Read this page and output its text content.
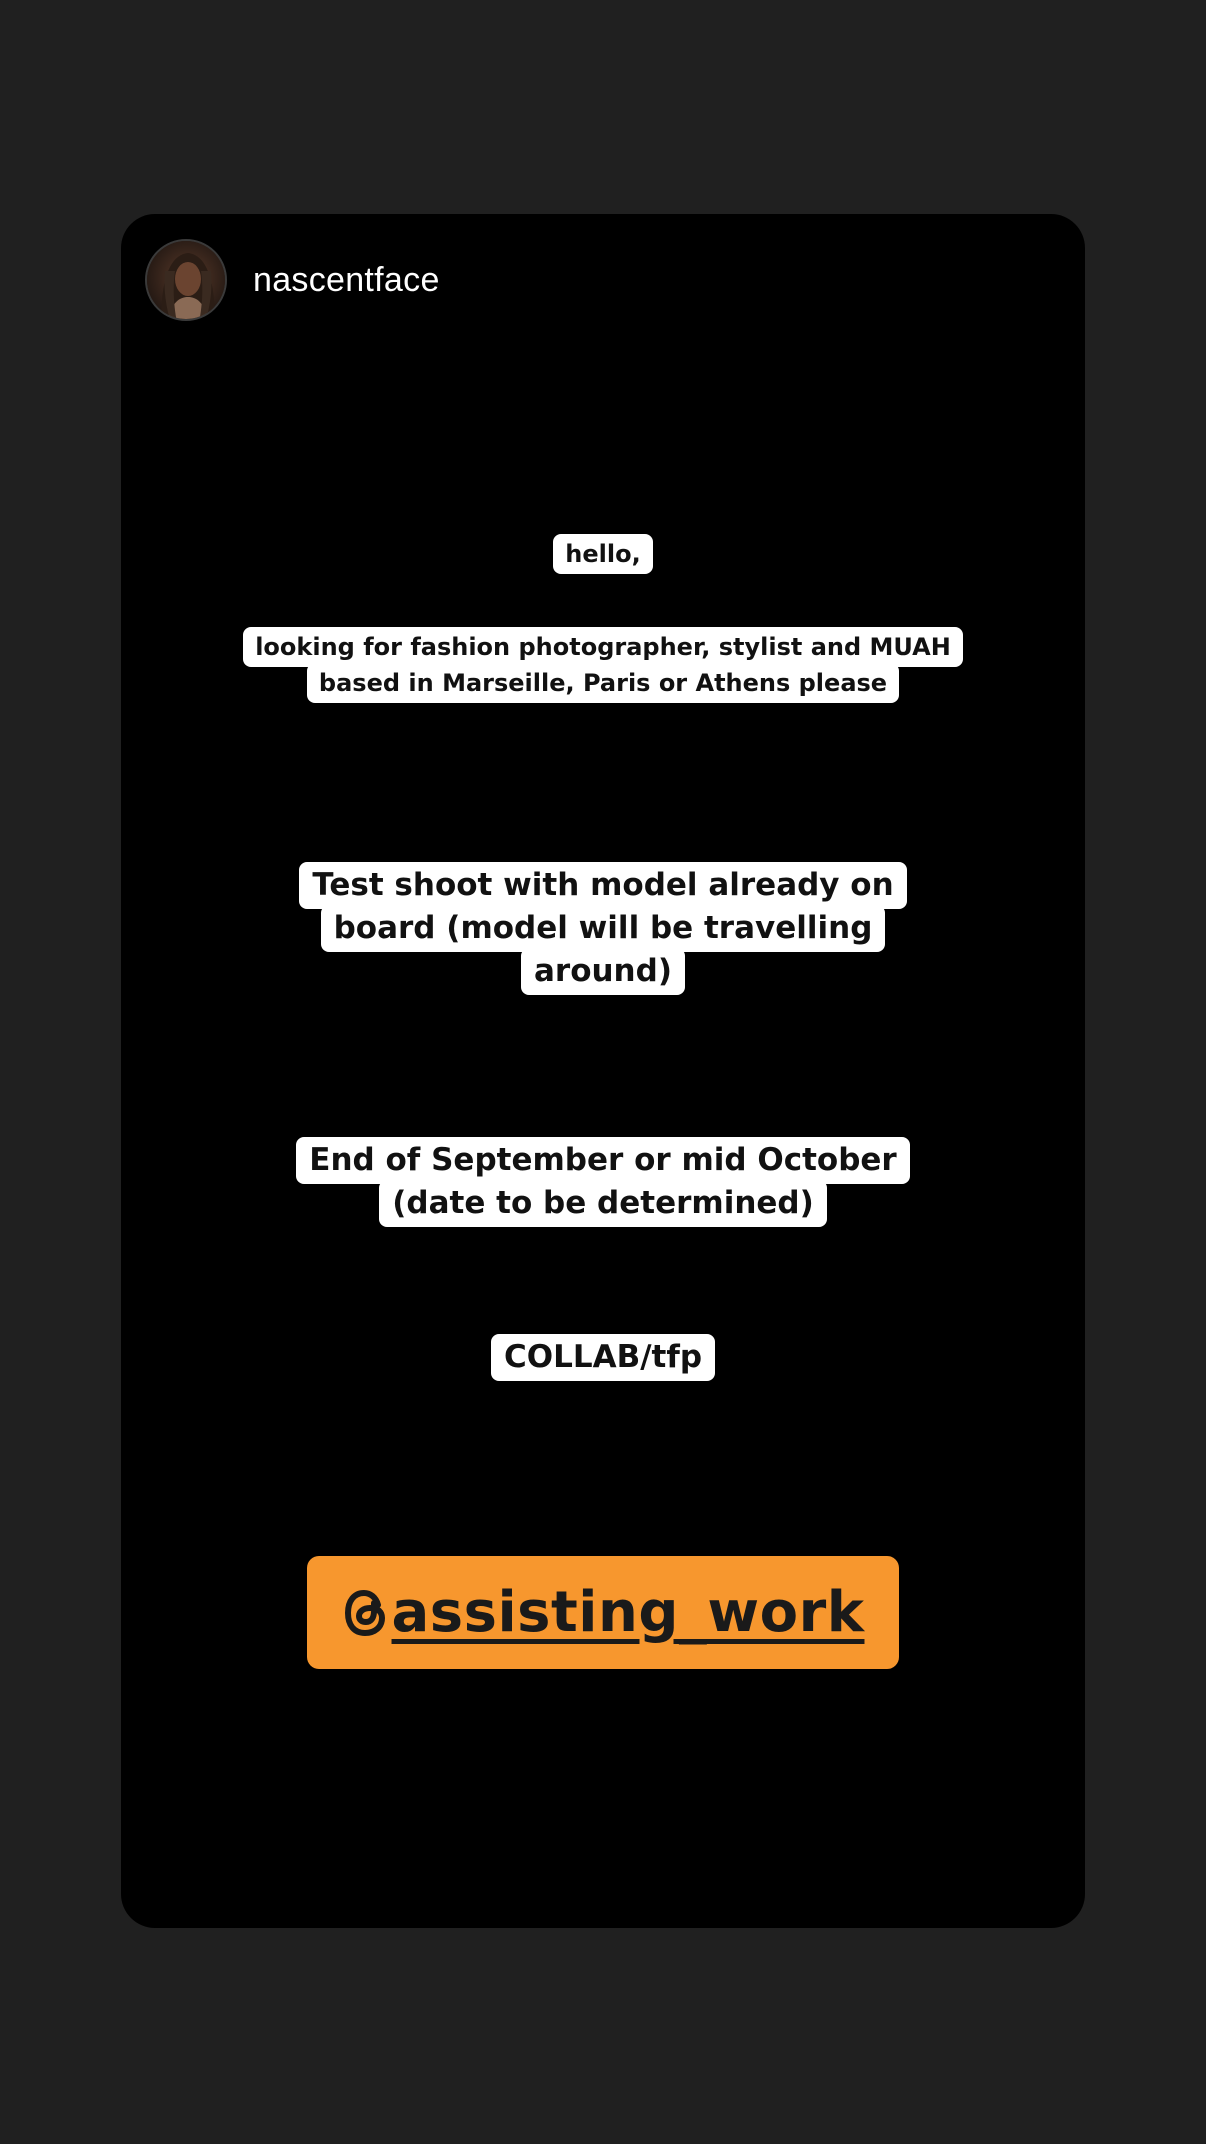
nascentface
hello,
looking for fashion photographer, stylist and MUAH
based in Marseille, Paris or Athens please
Test shoot with model already on
board (model will be travelling
around)
End of September or mid October
(date to be determined)
COLLAB/tfp
assisting_work
